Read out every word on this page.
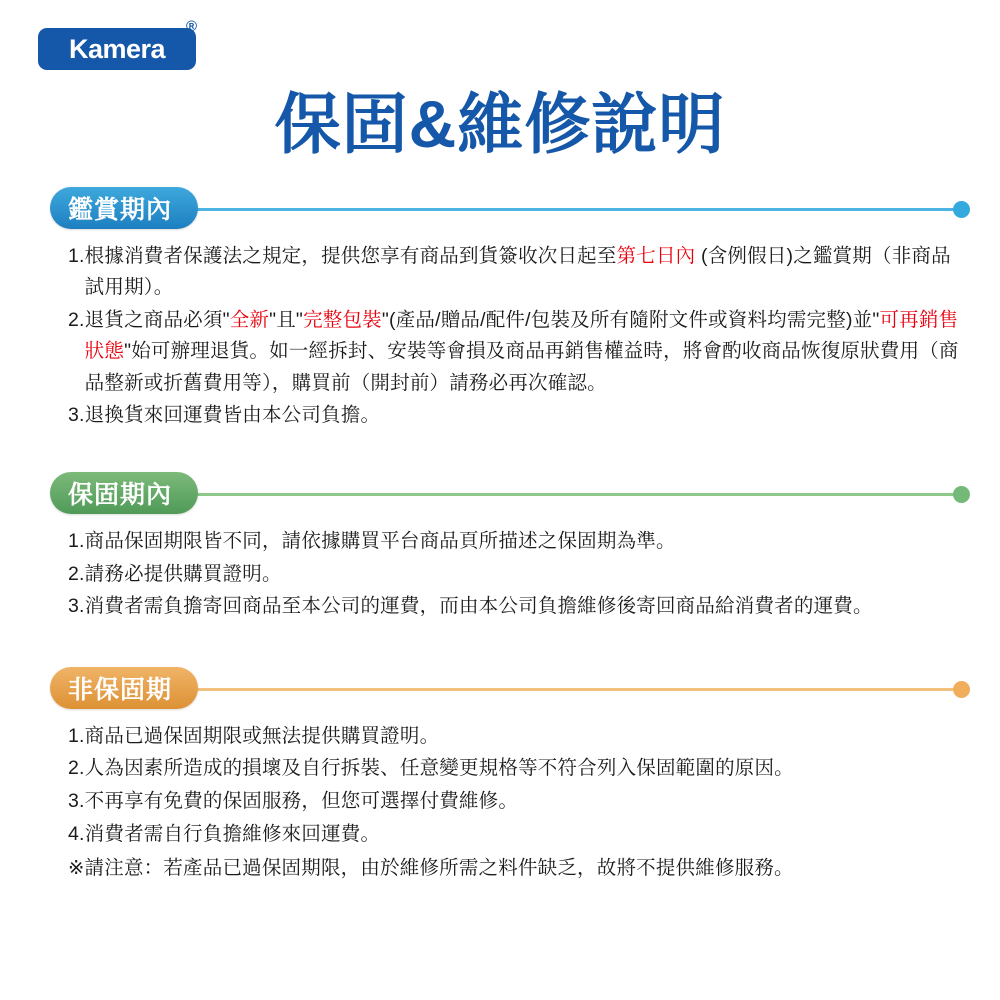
Kamera
®
保固&維修說明
鑑賞期內
1. 根據消費者保護法之規定，提供您享有商品到貨簽收次日起至第七日內 (含例假日)之鑑賞期（非商品試用期）。
2. 退貨之商品必須"全新"且"完整包裝"(產品/贈品/配件/包裝及所有隨附文件或資料均需完整)並"可再銷售狀態"始可辦理退貨。如一經拆封、安裝等會損及商品再銷售權益時，將會酌收商品恢復原狀費用（商品整新或折舊費用等），購買前（開封前）請務必再次確認。
3. 退換貨來回運費皆由本公司負擔。
保固期內
1. 商品保固期限皆不同，請依據購買平台商品頁所描述之保固期為準。
2. 請務必提供購買證明。
3. 消費者需負擔寄回商品至本公司的運費，而由本公司負擔維修後寄回商品給消費者的運費。
非保固期
1. 商品已過保固期限或無法提供購買證明。
2. 人為因素所造成的損壞及自行拆裝、任意變更規格等不符合列入保固範圍的原因。
3. 不再享有免費的保固服務，但您可選擇付費維修。
4. 消費者需自行負擔維修來回運費。
※ 請注意：若產品已過保固期限，由於維修所需之料件缺乏，故將不提供維修服務。
